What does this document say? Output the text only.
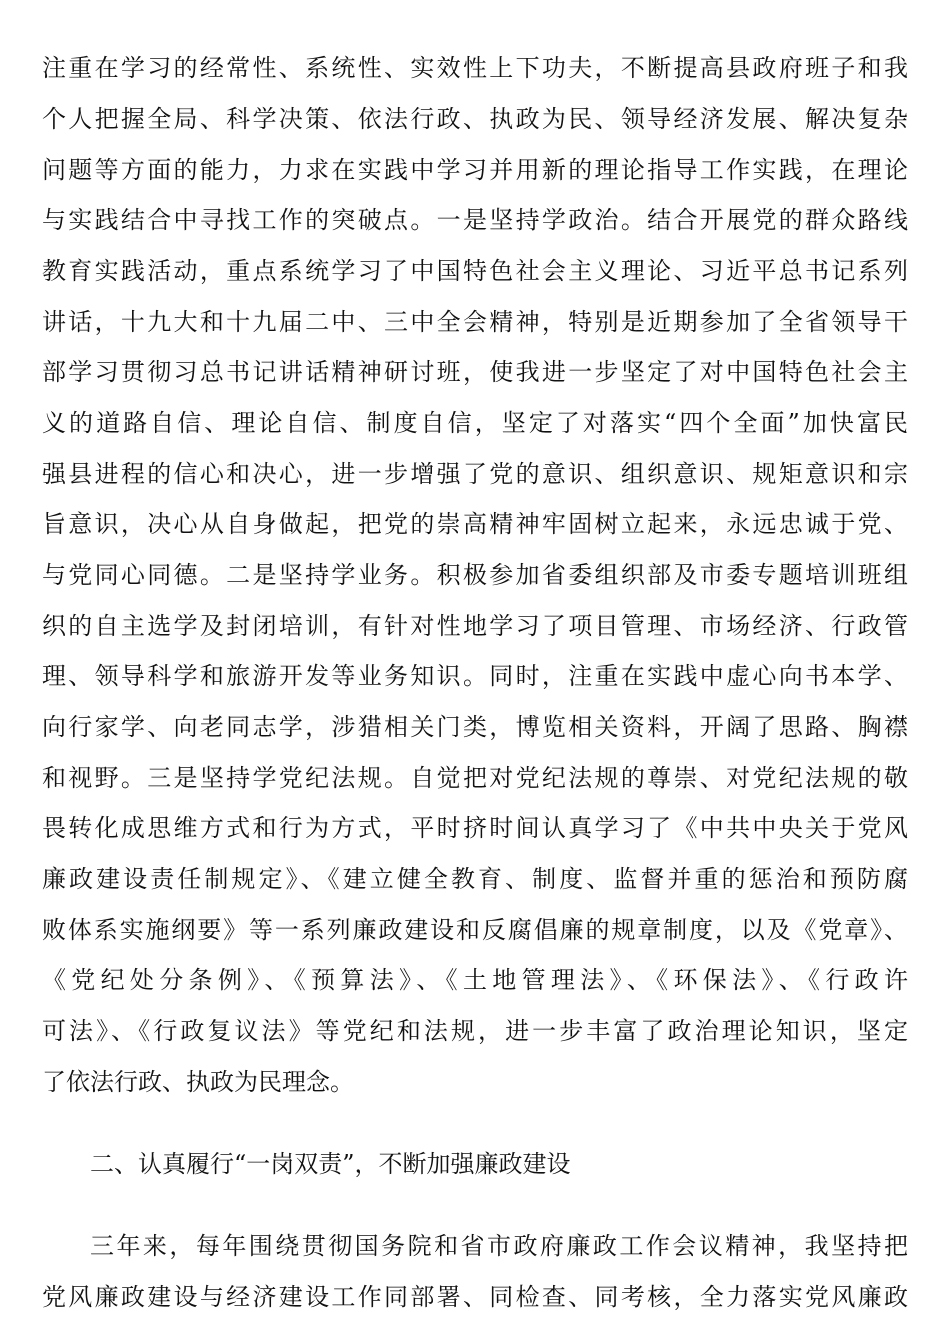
注重在学习的经常性、系统性、实效性上下功夫，不断提高县政府班子和我
个人把握全局、科学决策、依法行政、执政为民、领导经济发展、解决复杂
问题等方面的能力，力求在实践中学习并用新的理论指导工作实践，在理论
与实践结合中寻找工作的突破点。一是坚持学政治。结合开展党的群众路线
教育实践活动，重点系统学习了中国特色社会主义理论、习近平总书记系列
讲话，十九大和十九届二中、三中全会精神，特别是近期参加了全省领导干
部学习贯彻习总书记讲话精神研讨班，使我进一步坚定了对中国特色社会主
义的道路自信、理论自信、制度自信，坚定了对落实“四个全面”加快富民
强县进程的信心和决心，进一步增强了党的意识、组织意识、规矩意识和宗
旨意识，决心从自身做起，把党的崇高精神牢固树立起来，永远忠诚于党、
与党同心同德。二是坚持学业务。积极参加省委组织部及市委专题培训班组
织的自主选学及封闭培训，有针对性地学习了项目管理、市场经济、行政管
理、领导科学和旅游开发等业务知识。同时，注重在实践中虚心向书本学、
向行家学、向老同志学，涉猎相关门类，博览相关资料，开阔了思路、胸襟
和视野。三是坚持学党纪法规。自觉把对党纪法规的尊崇、对党纪法规的敬
畏转化成思维方式和行为方式，平时挤时间认真学习了《中共中央关于党风
廉政建设责任制规定》、《建立健全教育、制度、监督并重的惩治和预防腐
败体系实施纲要》等一系列廉政建设和反腐倡廉的规章制度，以及《党章》、
《党纪处分条例》、《预算法》、《土地管理法》、《环保法》、《行政许
可法》、《行政复议法》等党纪和法规，进一步丰富了政治理论知识，坚定
了依法行政、执政为民理念。
二、认真履行“一岗双责”，不断加强廉政建设
三年来，每年围绕贯彻国务院和省市政府廉政工作会议精神，我坚持把
党风廉政建设与经济建设工作同部署、同检查、同考核，全力落实党风廉政
